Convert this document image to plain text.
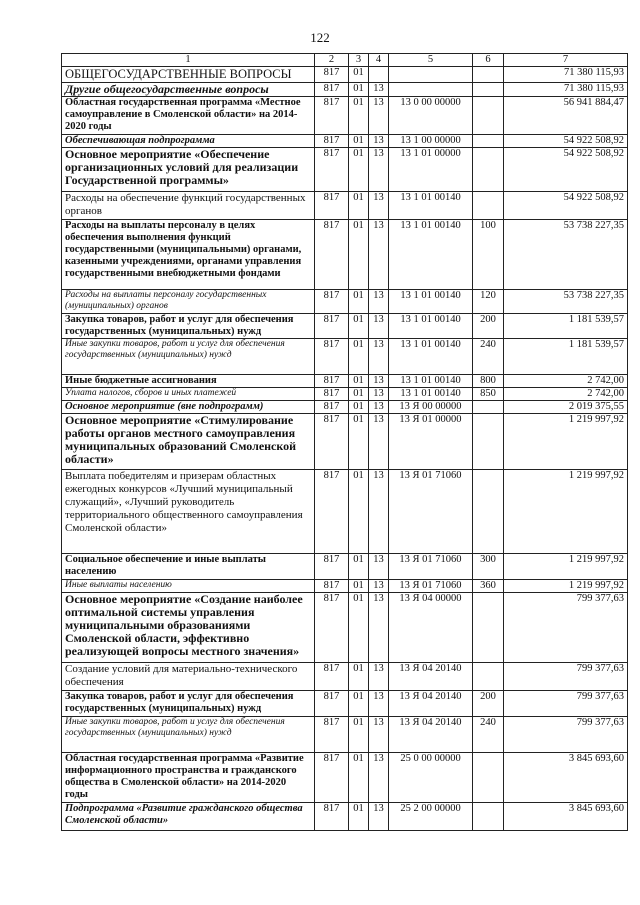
122
1	2	3	4	5	6	7
ОБЩЕГОСУДАРСТВЕННЫЕ ВОПРОСЫ	817	01				71 380 115,93
Другие общегосударственные вопросы	817	01	13			71 380 115,93
Областная государственная программа «Местное самоуправление в Смоленской области» на 2014-2020 годы	817	01	13	13 0 00 00000		56 941 884,47
Обеспечивающая подпрограмма	817	01	13	13 1 00 00000		54 922 508,92
Основное мероприятие «Обеспечение организационных условий для реализации Государственной программы»	817	01	13	13 1 01 00000		54 922 508,92
Расходы на обеспечение функций государственных органов	817	01	13	13 1 01 00140		54 922 508,92
Расходы на выплаты персоналу в целях обеспечения выполнения функций государственными (муниципальными) органами, казенными учреждениями, органами управления государственными внебюджетными фондами	817	01	13	13 1 01 00140	100	53 738 227,35
Расходы на выплаты персоналу государственных (муниципальных) органов	817	01	13	13 1 01 00140	120	53 738 227,35
Закупка товаров, работ и услуг для обеспечения государственных (муниципальных) нужд	817	01	13	13 1 01 00140	200	1 181 539,57
Иные закупки товаров, работ и услуг для обеспечения государственных (муниципальных) нужд	817	01	13	13 1 01 00140	240	1 181 539,57
Иные бюджетные ассигнования	817	01	13	13 1 01 00140	800	2 742,00
Уплата налогов, сборов и иных платежей	817	01	13	13 1 01 00140	850	2 742,00
Основное мероприятие (вне подпрограмм)	817	01	13	13 Я 00 00000		2 019 375,55
Основное мероприятие «Стимулирование работы органов местного самоуправления муниципальных образований Смоленской области»	817	01	13	13 Я 01 00000		1 219 997,92
Выплата победителям и призерам областных ежегодных конкурсов «Лучший муниципальный служащий», «Лучший руководитель территориального общественного самоуправления Смоленской области»	817	01	13	13 Я 01 71060		1 219 997,92
Социальное обеспечение и иные выплаты населению	817	01	13	13 Я 01 71060	300	1 219 997,92
Иные выплаты населению	817	01	13	13 Я 01 71060	360	1 219 997,92
Основное мероприятие «Создание наиболее оптимальной системы управления муниципальными образованиями Смоленской области, эффективно реализующей вопросы местного значения»	817	01	13	13 Я 04 00000		799 377,63
Создание условий для материально-технического обеспечения	817	01	13	13 Я 04 20140		799 377,63
Закупка товаров, работ и услуг для обеспечения государственных (муниципальных) нужд	817	01	13	13 Я 04 20140	200	799 377,63
Иные закупки товаров, работ и услуг для обеспечения государственных (муниципальных) нужд	817	01	13	13 Я 04 20140	240	799 377,63
Областная государственная программа «Развитие информационного пространства и гражданского общества в Смоленской области» на 2014-2020 годы	817	01	13	25 0 00 00000		3 845 693,60
Подпрограмма «Развитие гражданского общества Смоленской области»	817	01	13	25 2 00 00000		3 845 693,60
